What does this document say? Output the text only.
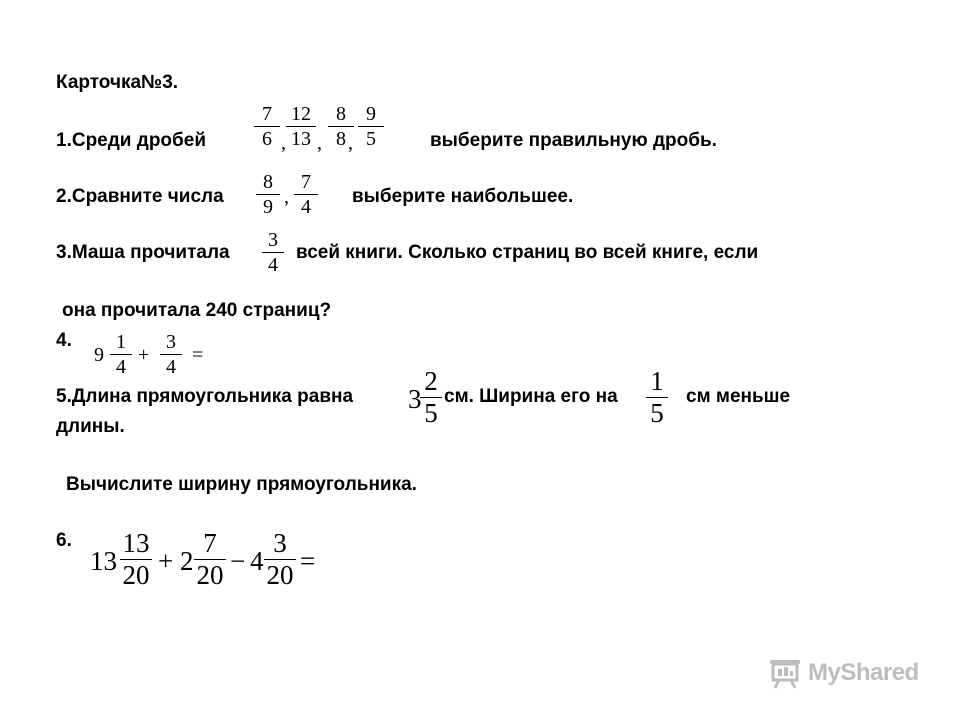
Карточка№3.
1.Среди дробей
7
6 ,
12
13 ,
8
8 ,
9
5	выберите правильную дробь.
2.Сравните числа
8
9 ,
7
4	выберите наибольшее.
3.Маша прочитала
3
4
всей книги. Сколько страниц во всей книге, если
она прочитала 240 страниц?
4.
9
1
4
+
3
4
=
5.Длина прямоугольника равна 3
2
5
см. Ширина его на
1
5
см меньше
длины.
Вычислите ширину прямоугольника.
6.
13
13
20 + 2
7
20 − 4
3
20 =
MyShared
